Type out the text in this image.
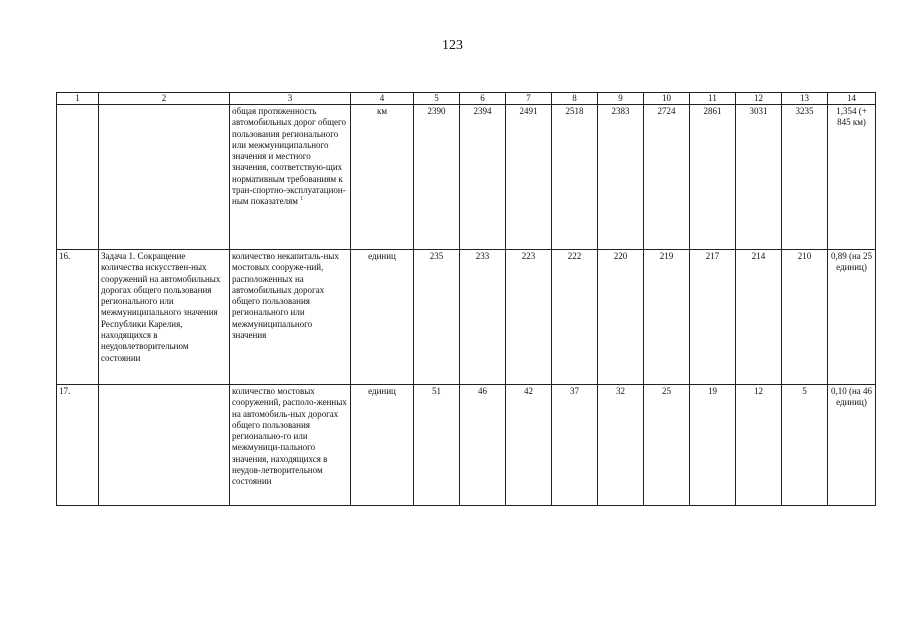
123
1	2	3	4	5	6	7	8	9	10	11	12	13	14
		общая протяженность автомобильных дорог общего пользования регионального или межмуниципального значения и местного значения, соответствую-щих нормативным требованиям к тран-спортно-эксплуатацион-ным показателям $^1$	км	2390	2394	2491	2518	2383	2724	2861	3031	3235	1,354 (+ 845 км)
16.	Задача 1. Сокращение количества искусствен-ных сооружений на автомобильных дорогах общего пользования регионального или межмуниципального значения Республики Карелия, находящихся в неудовлетворительном состоянии	количество некапиталь-ных мостовых сооруже-ний, расположенных на автомобильных дорогах общего пользования регионального или межмуниципального значения	единиц	235	233	223	222	220	219	217	214	210	0,89 (на 25 единиц)
17.		количество мостовых сооружений, располо-женных на автомобиль-ных дорогах общего пользования регионально-го или межмуници-пального значения, находящихся в неудов-летворительном состоянии	единиц	51	46	42	37	32	25	19	12	5	0,10 (на 46 единиц)
